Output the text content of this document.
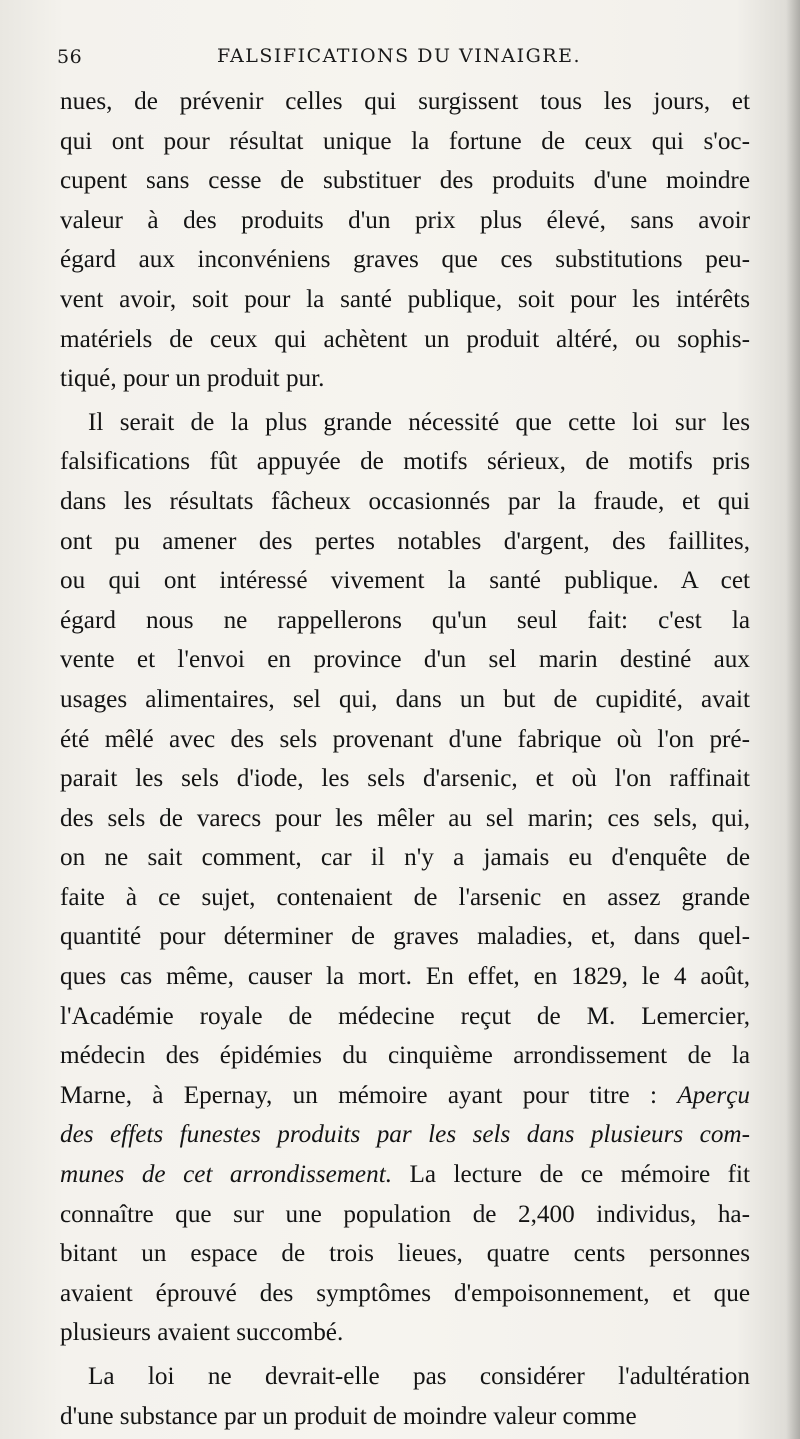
56	FALSIFICATIONS DU VINAIGRE.
nues, de prévenir celles qui surgissent tous les jours, et
qui ont pour résultat unique la fortune de ceux qui s'oc-
cupent sans cesse de substituer des produits d'une moindre
valeur à des produits d'un prix plus élevé, sans avoir
égard aux inconvéniens graves que ces substitutions peu-
vent avoir, soit pour la santé publique, soit pour les intérêts
matériels de ceux qui achètent un produit altéré, ou sophis-
tiqué, pour un produit pur.
Il serait de la plus grande nécessité que cette loi sur les
falsifications fût appuyée de motifs sérieux, de motifs pris
dans les résultats fâcheux occasionnés par la fraude, et qui
ont pu amener des pertes notables d'argent, des faillites,
ou qui ont intéressé vivement la santé publique. A cet
égard nous ne rappellerons qu'un seul fait: c'est la
vente et l'envoi en province d'un sel marin destiné aux
usages alimentaires, sel qui, dans un but de cupidité, avait
été mêlé avec des sels provenant d'une fabrique où l'on pré-
parait les sels d'iode, les sels d'arsenic, et où l'on raffinait
des sels de varecs pour les mêler au sel marin; ces sels, qui,
on ne sait comment, car il n'y a jamais eu d'enquête de
faite à ce sujet, contenaient de l'arsenic en assez grande
quantité pour déterminer de graves maladies, et, dans quel-
ques cas même, causer la mort. En effet, en 1829, le 4 août,
l'Académie royale de médecine reçut de M. Lemercier,
médecin des épidémies du cinquième arrondissement de la
Marne, à Epernay, un mémoire ayant pour titre : Aperçu
des effets funestes produits par les sels dans plusieurs com-
munes de cet arrondissement. La lecture de ce mémoire fit
connaître que sur une population de 2,400 individus, ha-
bitant un espace de trois lieues, quatre cents personnes
avaient éprouvé des symptômes d'empoisonnement, et que
plusieurs avaient succombé.
La loi ne devrait-elle pas considérer l'adultération
d'une substance par un produit de moindre valeur comme
